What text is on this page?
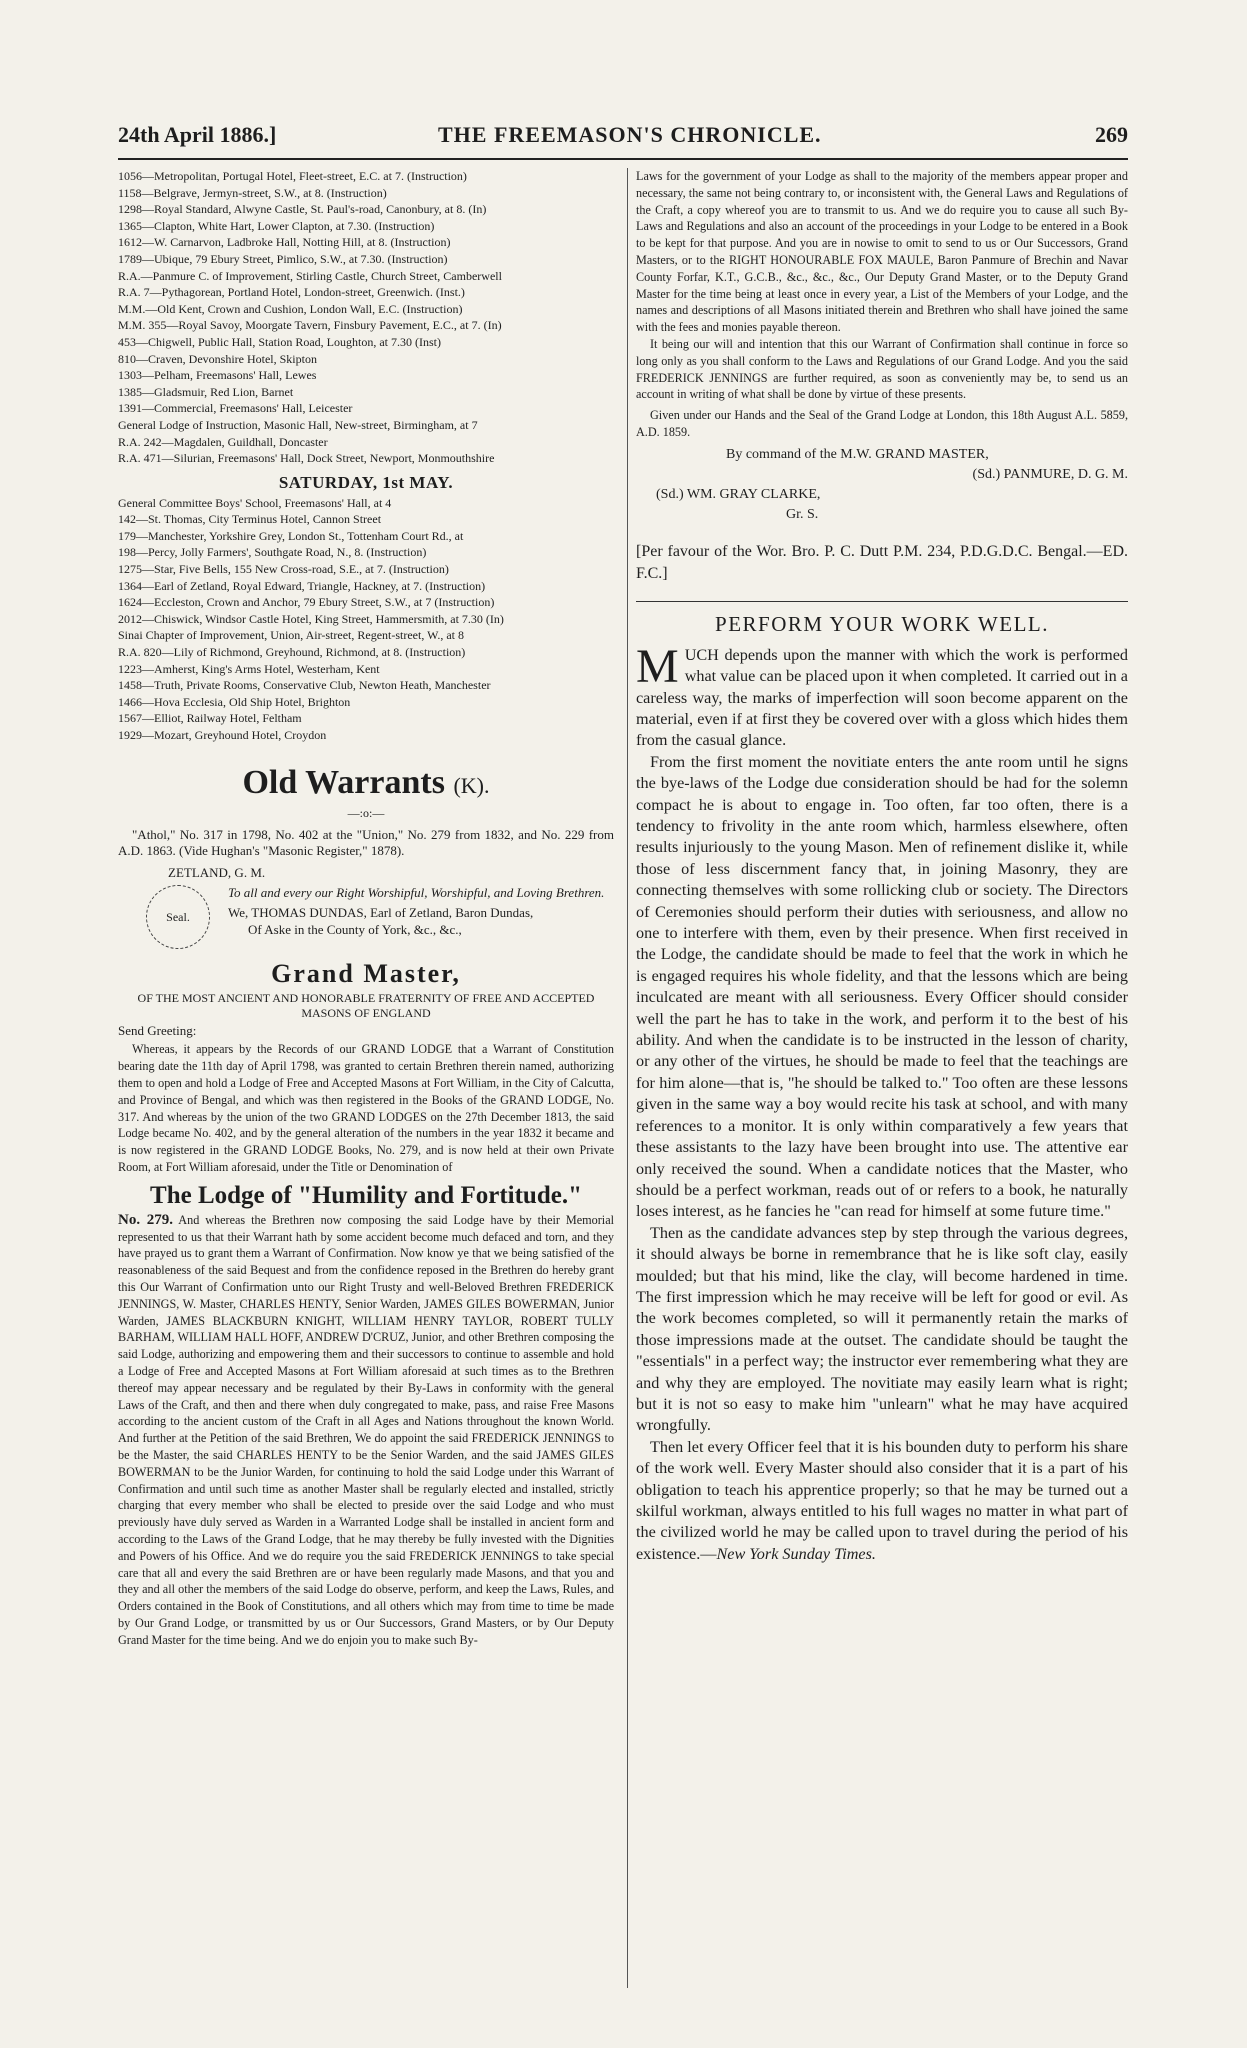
24th April 1886.]	THE FREEMASON'S CHRONICLE.	269
1056—Metropolitan, Portugal Hotel, Fleet-street, E.C. at 7. (Instruction)
1158—Belgrave, Jermyn-street, S.W., at 8. (Instruction)
1298—Royal Standard, Alwyne Castle, St. Paul's-road, Canonbury, at 8. (In)
1365—Clapton, White Hart, Lower Clapton, at 7.30. (Instruction)
1612—W. Carnarvon, Ladbroke Hall, Notting Hill, at 8. (Instruction)
1789—Ubique, 79 Ebury Street, Pimlico, S.W., at 7.30. (Instruction)
R.A.—Panmure C. of Improvement, Stirling Castle, Church Street, Camberwell
R.A. 7—Pythagorean, Portland Hotel, London-street, Greenwich. (Inst.)
M.M.—Old Kent, Crown and Cushion, London Wall, E.C. (Instruction)
M.M. 355—Royal Savoy, Moorgate Tavern, Finsbury Pavement, E.C., at 7. (In)
453—Chigwell, Public Hall, Station Road, Loughton, at 7.30 (Inst)
810—Craven, Devonshire Hotel, Skipton
1303—Pelham, Freemasons' Hall, Lewes
1385—Gladsmuir, Red Lion, Barnet
1391—Commercial, Freemasons' Hall, Leicester
General Lodge of Instruction, Masonic Hall, New-street, Birmingham, at 7
R.A. 242—Magdalen, Guildhall, Doncaster
R.A. 471—Silurian, Freemasons' Hall, Dock Street, Newport, Monmouthshire
SATURDAY, 1st MAY.
General Committee Boys' School, Freemasons' Hall, at 4
142—St. Thomas, City Terminus Hotel, Cannon Street
179—Manchester, Yorkshire Grey, London St., Tottenham Court Rd., at
198—Percy, Jolly Farmers', Southgate Road, N., 8. (Instruction)
1275—Star, Five Bells, 155 New Cross-road, S.E., at 7. (Instruction)
1364—Earl of Zetland, Royal Edward, Triangle, Hackney, at 7. (Instruction)
1624—Eccleston, Crown and Anchor, 79 Ebury Street, S.W., at 7 (Instruction)
2012—Chiswick, Windsor Castle Hotel, King Street, Hammersmith, at 7.30 (In)
Sinai Chapter of Improvement, Union, Air-street, Regent-street, W., at 8
R.A. 820—Lily of Richmond, Greyhound, Richmond, at 8. (Instruction)
1223—Amherst, King's Arms Hotel, Westerham, Kent
1458—Truth, Private Rooms, Conservative Club, Newton Heath, Manchester
1466—Hova Ecclesia, Old Ship Hotel, Brighton
1567—Elliot, Railway Hotel, Feltham
1929—Mozart, Greyhound Hotel, Croydon
Old Warrants (K).
—:o:—
"Athol," No. 317 in 1798, No. 402 at the "Union," No. 279 from 1832, and No. 229 from A.D. 1863. (Vide Hughan's "Masonic Register," 1878).
ZETLAND, G. M.
Seal.
To all and every our Right Worshipful, Worshipful, and Loving Brethren.
We, THOMAS DUNDAS, Earl of Zetland, Baron Dundas,
Of Aske in the County of York, &c., &c.,
Grand Master,
OF THE MOST ANCIENT AND HONORABLE FRATERNITY OF FREE AND ACCEPTED MASONS OF ENGLAND
Send Greeting:
Whereas, it appears by the Records of our GRAND LODGE that a Warrant of Constitution bearing date the 11th day of April 1798, was granted to certain Brethren therein named, authorizing them to open and hold a Lodge of Free and Accepted Masons at Fort William, in the City of Calcutta, and Province of Bengal, and which was then registered in the Books of the GRAND LODGE, No. 317. And whereas by the union of the two GRAND LODGES on the 27th December 1813, the said Lodge became No. 402, and by the general alteration of the numbers in the year 1832 it became and is now registered in the GRAND LODGE Books, No. 279, and is now held at their own Private Room, at Fort William aforesaid, under the Title or Denomination of
The Lodge of "Humility and Fortitude."
No. 279. And whereas the Brethren now composing the said Lodge have by their Memorial represented to us that their Warrant hath by some accident become much defaced and torn, and they have prayed us to grant them a Warrant of Confirmation. Now know ye that we being satisfied of the reasonableness of the said Bequest and from the confidence reposed in the Brethren do hereby grant this Our Warrant of Confirmation unto our Right Trusty and well-Beloved Brethren FREDERICK JENNINGS, W. Master, CHARLES HENTY, Senior Warden, JAMES GILES BOWERMAN, Junior Warden, JAMES BLACKBURN KNIGHT, WILLIAM HENRY TAYLOR, ROBERT TULLY BARHAM, WILLIAM HALL HOFF, ANDREW D'CRUZ, Junior, and other Brethren composing the said Lodge, authorizing and empowering them and their successors to continue to assemble and hold a Lodge of Free and Accepted Masons at Fort William aforesaid at such times as to the Brethren thereof may appear necessary and be regulated by their By-Laws in conformity with the general Laws of the Craft, and then and there when duly congregated to make, pass, and raise Free Masons according to the ancient custom of the Craft in all Ages and Nations throughout the known World. And further at the Petition of the said Brethren, We do appoint the said FREDERICK JENNINGS to be the Master, the said CHARLES HENTY to be the Senior Warden, and the said JAMES GILES BOWERMAN to be the Junior Warden, for continuing to hold the said Lodge under this Warrant of Confirmation and until such time as another Master shall be regularly elected and installed, strictly charging that every member who shall be elected to preside over the said Lodge and who must previously have duly served as Warden in a Warranted Lodge shall be installed in ancient form and according to the Laws of the Grand Lodge, that he may thereby be fully invested with the Dignities and Powers of his Office. And we do require you the said FREDERICK JENNINGS to take special care that all and every the said Brethren are or have been regularly made Masons, and that you and they and all other the members of the said Lodge do observe, perform, and keep the Laws, Rules, and Orders contained in the Book of Constitutions, and all others which may from time to time be made by Our Grand Lodge, or transmitted by us or Our Successors, Grand Masters, or by Our Deputy Grand Master for the time being. And we do enjoin you to make such By-
Laws for the government of your Lodge as shall to the majority of the members appear proper and necessary, the same not being contrary to, or inconsistent with, the General Laws and Regulations of the Craft, a copy whereof you are to transmit to us. And we do require you to cause all such By-Laws and Regulations and also an account of the proceedings in your Lodge to be entered in a Book to be kept for that purpose. And you are in nowise to omit to send to us or Our Successors, Grand Masters, or to the RIGHT HONOURABLE FOX MAULE, Baron Panmure of Brechin and Navar County Forfar, K.T., G.C.B., &c., &c., &c., Our Deputy Grand Master, or to the Deputy Grand Master for the time being at least once in every year, a List of the Members of your Lodge, and the names and descriptions of all Masons initiated therein and Brethren who shall have joined the same with the fees and monies payable thereon.
It being our will and intention that this our Warrant of Confirmation shall continue in force so long only as you shall conform to the Laws and Regulations of our Grand Lodge. And you the said FREDERICK JENNINGS are further required, as soon as conveniently may be, to send us an account in writing of what shall be done by virtue of these presents.
Given under our Hands and the Seal of the Grand Lodge at London, this 18th August A.L. 5859, A.D. 1859.
By command of the M.W. GRAND MASTER,
(Sd.) PANMURE, D. G. M.
(Sd.) WM. GRAY CLARKE,
Gr. S.
[Per favour of the Wor. Bro. P. C. Dutt P.M. 234, P.D.G.D.C. Bengal.—ED. F.C.]
PERFORM YOUR WORK WELL.
MUCH depends upon the manner with which the work is performed what value can be placed upon it when completed. It carried out in a careless way, the marks of imperfection will soon become apparent on the material, even if at first they be covered over with a gloss which hides them from the casual glance.
From the first moment the novitiate enters the ante room until he signs the bye-laws of the Lodge due consideration should be had for the solemn compact he is about to engage in. Too often, far too often, there is a tendency to frivolity in the ante room which, harmless elsewhere, often results injuriously to the young Mason. Men of refinement dislike it, while those of less discernment fancy that, in joining Masonry, they are connecting themselves with some rollicking club or society. The Directors of Ceremonies should perform their duties with seriousness, and allow no one to interfere with them, even by their presence. When first received in the Lodge, the candidate should be made to feel that the work in which he is engaged requires his whole fidelity, and that the lessons which are being inculcated are meant with all seriousness. Every Officer should consider well the part he has to take in the work, and perform it to the best of his ability. And when the candidate is to be instructed in the lesson of charity, or any other of the virtues, he should be made to feel that the teachings are for him alone—that is, "he should be talked to." Too often are these lessons given in the same way a boy would recite his task at school, and with many references to a monitor. It is only within comparatively a few years that these assistants to the lazy have been brought into use. The attentive ear only received the sound. When a candidate notices that the Master, who should be a perfect workman, reads out of or refers to a book, he naturally loses interest, as he fancies he "can read for himself at some future time."
Then as the candidate advances step by step through the various degrees, it should always be borne in remembrance that he is like soft clay, easily moulded; but that his mind, like the clay, will become hardened in time. The first impression which he may receive will be left for good or evil. As the work becomes completed, so will it permanently retain the marks of those impressions made at the outset. The candidate should be taught the "essentials" in a perfect way; the instructor ever remembering what they are and why they are employed. The novitiate may easily learn what is right; but it is not so easy to make him "unlearn" what he may have acquired wrongfully.
Then let every Officer feel that it is his bounden duty to perform his share of the work well. Every Master should also consider that it is a part of his obligation to teach his apprentice properly; so that he may be turned out a skilful workman, always entitled to his full wages no matter in what part of the civilized world he may be called upon to travel during the period of his existence.—New York Sunday Times.
